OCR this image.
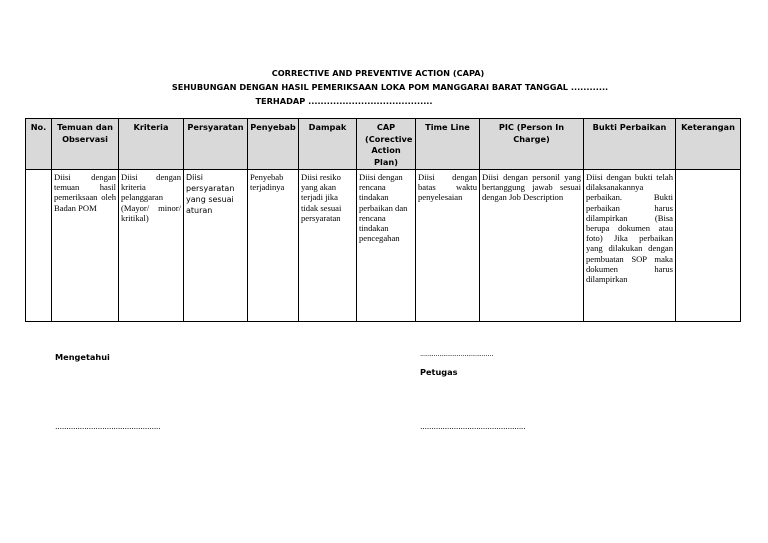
CORRECTIVE AND PREVENTIVE ACTION (CAPA)
SEHUBUNGAN DENGAN HASIL PEMERIKSAAN LOKA POM MANGGARAI BARAT TANGGAL ............
TERHADAP ........................................
No.	Temuan dan Observasi	Kriteria	Persyaratan	Penyebab	Dampak	CAP (Corective Action Plan)	Time Line	PIC (Person In Charge)	Bukti Perbaikan	Keterangan
	Diisi dengan temuan hasil pemeriksaan oleh Badan POM	Diisi dengan kriteria pelanggaran (Mayor/ minor/ kritikal)	Diisi persyaratan yang sesuai aturan	Penyebab terjadinya	Diisi resiko yang akan terjadi jika tidak sesuai persyaratan	Diisi dengan rencana tindakan perbaikan dan rencana tindakan pencegahan	Diisi dengan batas waktu penyelesaian	Diisi dengan personil yang bertanggung jawab sesuai dengan Job Description	Diisi dengan bukti telah dilaksanakannya perbaikan. Bukti perbaikan harus dilampirkan (Bisa berupa dokumen atau foto) Jika perbaikan yang dilakukan dengan pembuatan SOP maka dokumen harus dilampirkan	
Mengetahui
...............................................
......................................
Petugas
...............................................
